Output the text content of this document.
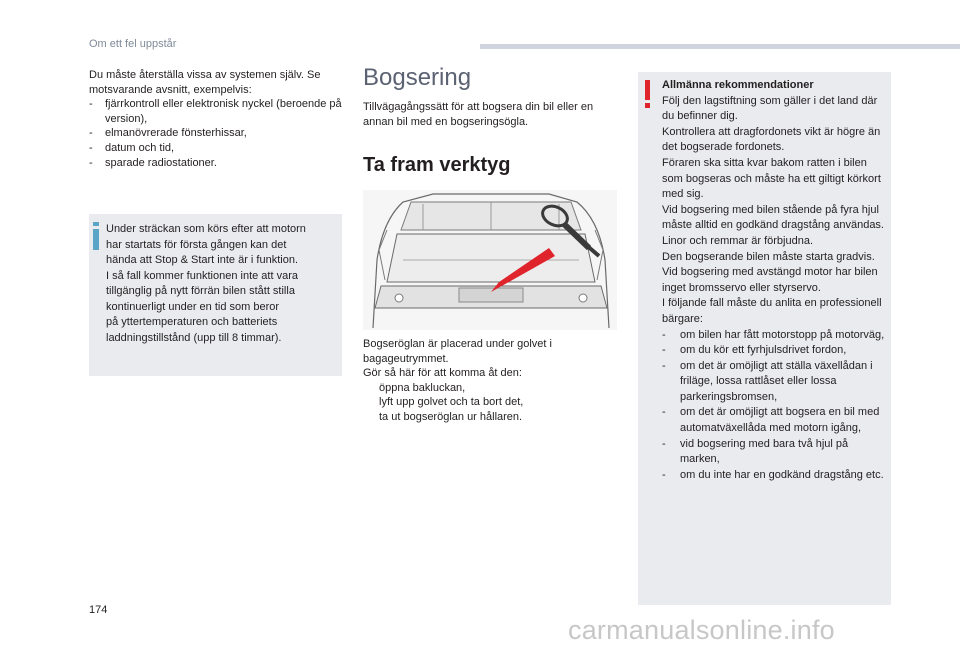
Om ett fel uppstår
Du måste återställa vissa av systemen själv. Se
motsvarande avsnitt, exempelvis:
- fjärrkontroll eller elektronisk nyckel (beroende på version),
- elmanövrerade fönsterhissar,
- datum och tid,
- sparade radiostationer.
Under sträckan som körs efter att motorn
har startats för första gången kan det
hända att Stop & Start inte är i funktion.
I så fall kommer funktionen inte att vara
tillgänglig på nytt förrän bilen stått stilla
kontinuerligt under en tid som beror
på yttertemperaturen och batteriets
laddningstillstånd (upp till 8 timmar).
Bogsering
Tillvägagångssätt för att bogsera din bil eller en annan bil med en bogseringsögla.
Ta fram verktyg
Bogseröglan är placerad under golvet i
bagageutrymmet.
Gör så här för att komma åt den:
öppna bakluckan,
lyft upp golvet och ta bort det,
ta ut bogseröglan ur hållaren.
Allmänna rekommendationer
Följ den lagstiftning som gäller i det land där du befinner dig.
Kontrollera att dragfordonets vikt är högre än det bogserade fordonets.
Föraren ska sitta kvar bakom ratten i bilen som bogseras och måste ha ett giltigt körkort med sig.
Vid bogsering med bilen stående på fyra hjul måste alltid en godkänd dragstång användas. Linor och remmar är förbjudna.
Den bogserande bilen måste starta gradvis.
Vid bogsering med avstängd motor har bilen inget bromsservo eller styrservo.
I följande fall måste du anlita en professionell bärgare:
- om bilen har fått motorstopp på motorväg,
- om du kör ett fyrhjulsdrivet fordon,
- om det är omöjligt att ställa växellådan i friläge, lossa rattlåset eller lossa parkeringsbromsen,
- om det är omöjligt att bogsera en bil med automatväxellåda med motorn igång,
- vid bogsering med bara två hjul på marken,
- om du inte har en godkänd dragstång etc.
174
carmanualsonline.info
